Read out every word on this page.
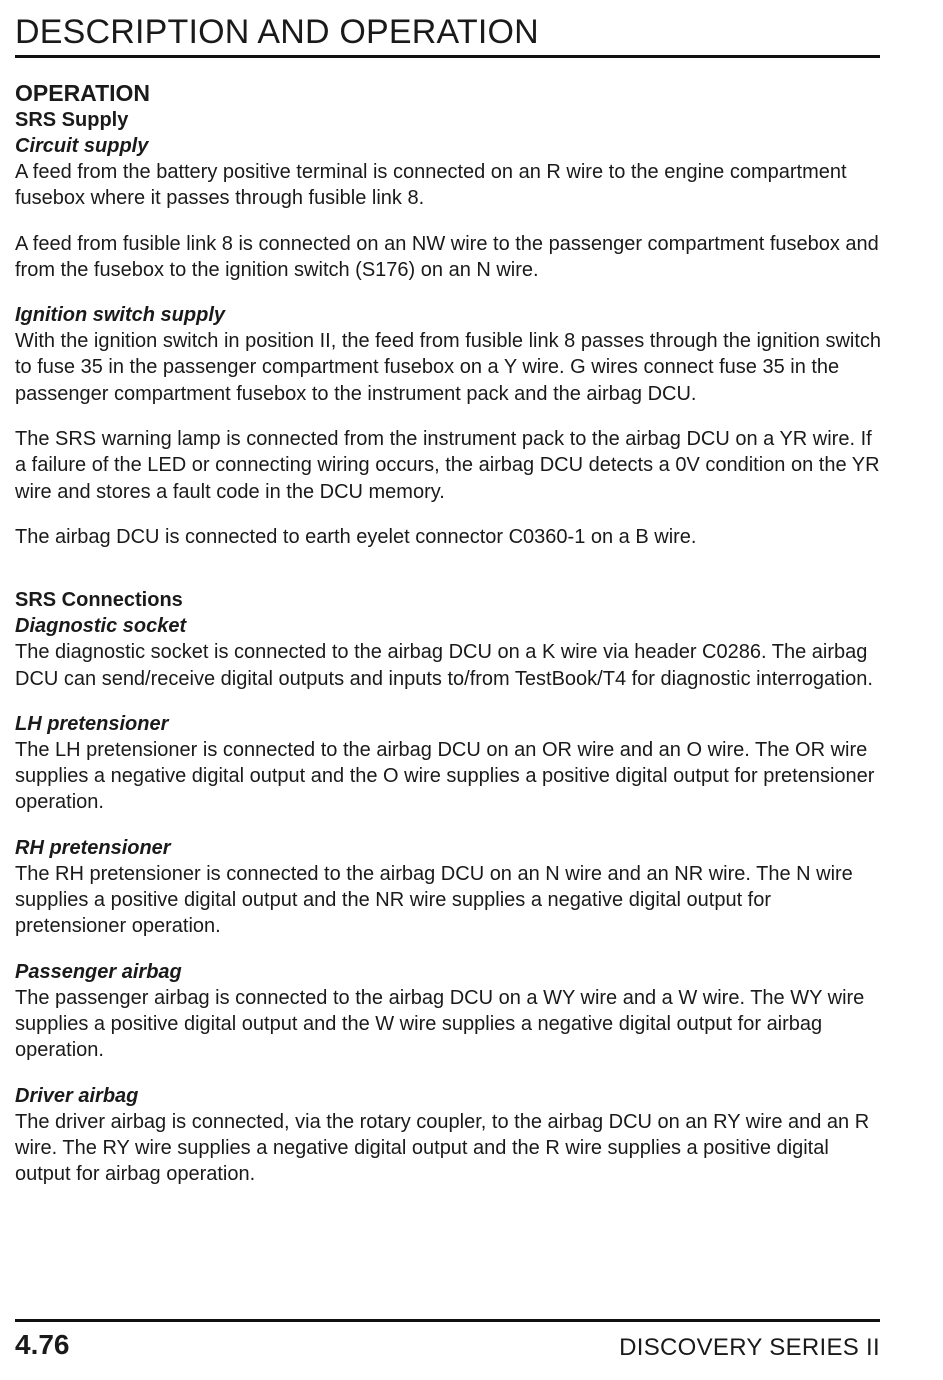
DESCRIPTION AND OPERATION
OPERATION
SRS Supply
Circuit supply

A feed from the battery positive terminal is connected on an R wire to the engine compartment fusebox where it passes through fusible link 8.

A feed from fusible link 8 is connected on an NW wire to the passenger compartment fusebox and from the fusebox to the ignition switch (S176) on an N wire.

Ignition switch supply

With the ignition switch in position II, the feed from fusible link 8 passes through the ignition switch to fuse 35 in the passenger compartment fusebox on a Y wire. G wires connect fuse 35 in the passenger compartment fusebox to the instrument pack and the airbag DCU.

The SRS warning lamp is connected from the instrument pack to the airbag DCU on a YR wire. If a failure of the LED or connecting wiring occurs, the airbag DCU detects a 0V condition on the YR wire and stores a fault code in the DCU memory.

The airbag DCU is connected to earth eyelet connector C0360-1 on a B wire.

SRS Connections
Diagnostic socket

The diagnostic socket is connected to the airbag DCU on a K wire via header C0286. The airbag DCU can send/receive digital outputs and inputs to/from TestBook/T4 for diagnostic interrogation.

LH pretensioner

The LH pretensioner is connected to the airbag DCU on an OR wire and an O wire. The OR wire supplies a negative digital output and the O wire supplies a positive digital output for pretensioner operation.

RH pretensioner

The RH pretensioner is connected to the airbag DCU on an N wire and an NR wire. The N wire supplies a positive digital output and the NR wire supplies a negative digital output for pretensioner operation.

Passenger airbag

The passenger airbag is connected to the airbag DCU on a WY wire and a W wire. The WY wire supplies a positive digital output and the W wire supplies a negative digital output for airbag operation.

Driver airbag

The driver airbag is connected, via the rotary coupler, to the airbag DCU on an RY wire and an R wire. The RY wire supplies a negative digital output and the R wire supplies a positive digital output for airbag operation.

4.76	DISCOVERY SERIES II
